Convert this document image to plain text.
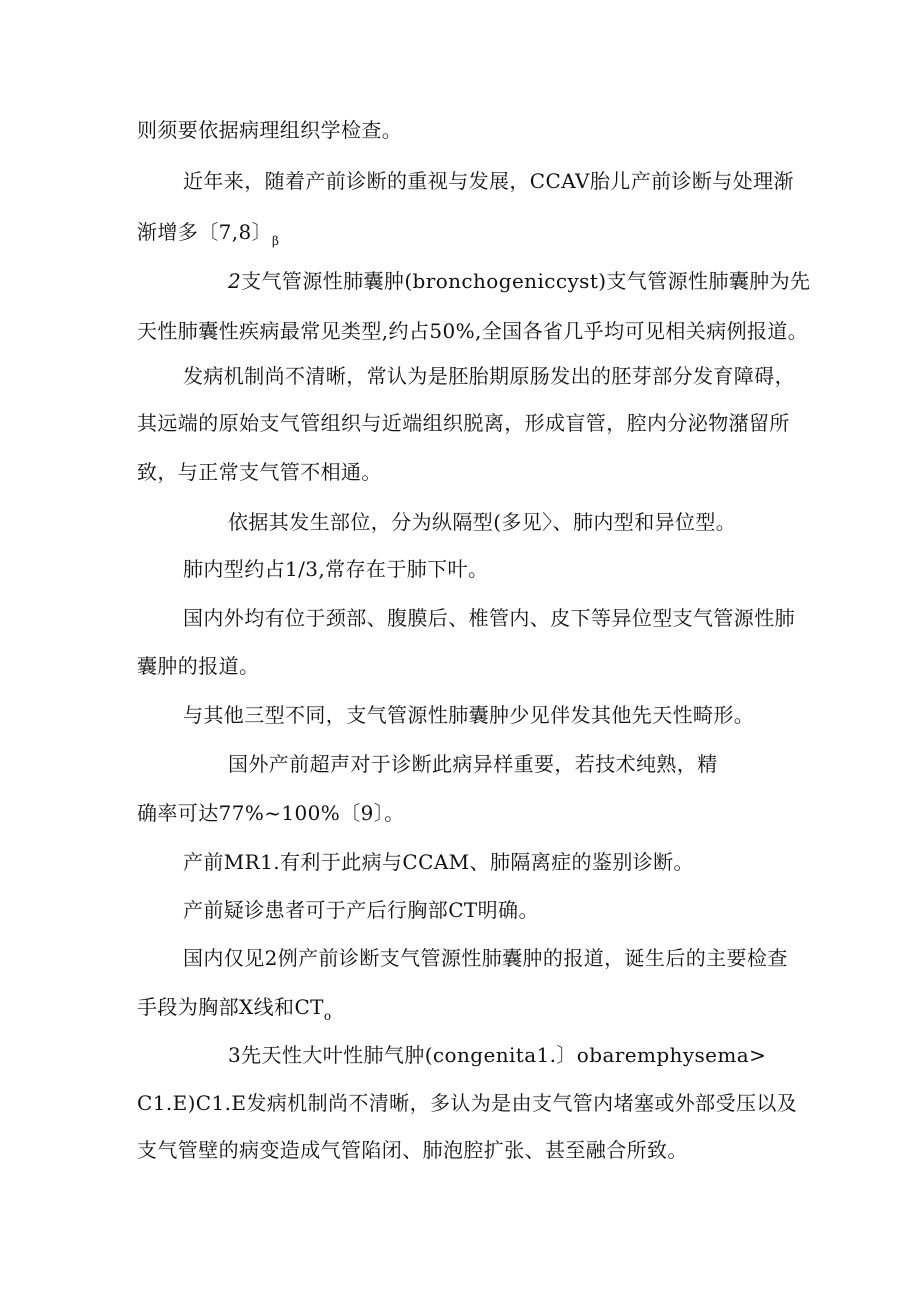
则须要依据病理组织学检查。
近年来，随着产前诊断的重视与发展，CCAV胎儿产前诊断与处理渐
渐增多〔7,8〕$_\beta$
2支气管源性肺囊肿(bronchogeniccyst)支气管源性肺囊肿为先
天性肺囊性疾病最常见类型,约占50%,全国各省几乎均可见相关病例报道。
发病机制尚不清晰，常认为是胚胎期原肠发出的胚芽部分发育障碍，
其远端的原始支气管组织与近端组织脱离，形成盲管，腔内分泌物潴留所
致，与正常支气管不相通。
依据其发生部位，分为纵隔型(多见〉、肺内型和异位型。
肺内型约占1/3,常存在于肺下叶。
国内外均有位于颈部、腹膜后、椎管内、皮下等异位型支气管源性肺
囊肿的报道。
与其他三型不同，支气管源性肺囊肿少见伴发其他先天性畸形。
国外产前超声对于诊断此病异样重要，若技术纯熟，精
确率可达77%~100%〔9〕。
产前MR1.有利于此病与CCAM、肺隔离症的鉴别诊断。
产前疑诊患者可于产后行胸部CT明确。
国内仅见2例产前诊断支气管源性肺囊肿的报道，诞生后的主要检查
手段为胸部X线和$CT_o$
3先天性大叶性肺气肿(congenita1.〕obaremphysema>
C1.E)C1.E发病机制尚不清晰，多认为是由支气管内堵塞或外部受压以及
支气管壁的病变造成气管陷闭、肺泡腔扩张、甚至融合所致。
